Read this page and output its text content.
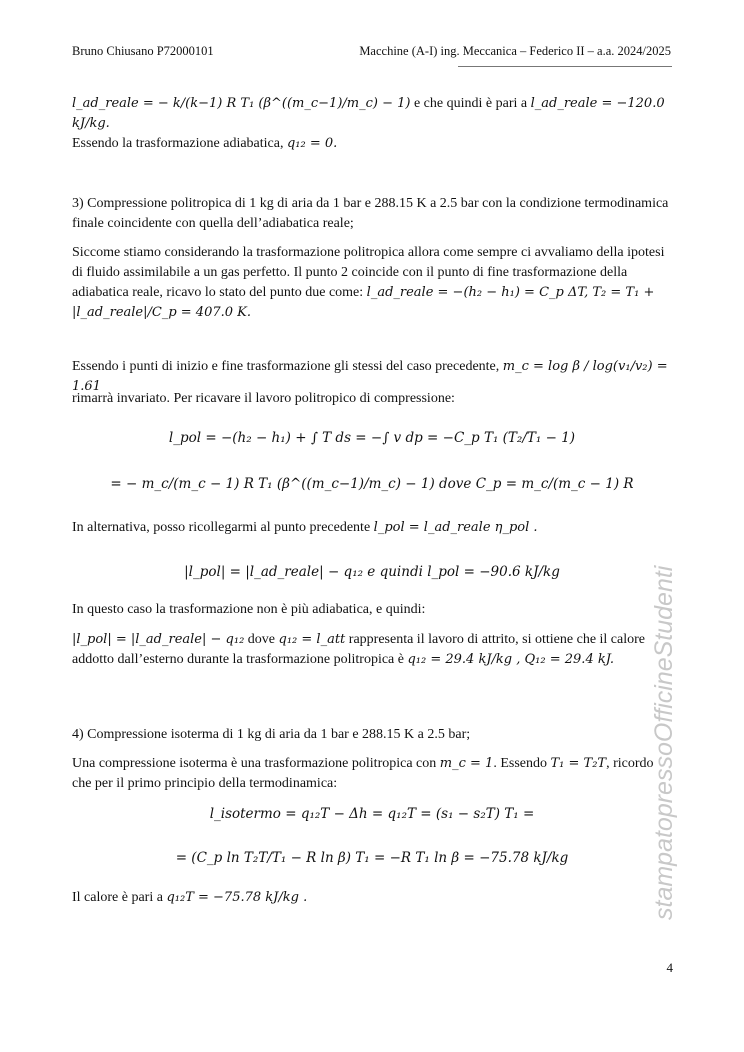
Bruno Chiusano P72000101	Macchine (A-I) ing. Meccanica – Federico II – a.a. 2024/2025
l_ad_reale = − k/(k−1) R T₁ (β^((m_c−1)/m_c) − 1) e che quindi è pari a l_ad_reale = −120.0 kJ/kg.
Essendo la trasformazione adiabatica, q₁₂ = 0.
3) Compressione politropica di 1 kg di aria da 1 bar e 288.15 K a 2.5 bar con la condizione termodinamica finale coincidente con quella dell’adiabatica reale;
Siccome stiamo considerando la trasformazione politropica allora come sempre ci avvaliamo della ipotesi di fluido assimilabile a un gas perfetto. Il punto 2 coincide con il punto di fine trasformazione della adiabatica reale, ricavo lo stato del punto due come: l_ad_reale = −(h₂ − h₁) = C_p ΔT, T₂ = T₁ + |l_ad_reale|/C_p = 407.0 K.
Essendo i punti di inizio e fine trasformazione gli stessi del caso precedente, m_c = log β / log(v₁/v₂) = 1.61
rimarrà invariato. Per ricavare il lavoro politropico di compressione:
l_pol = −(h₂ − h₁) + ∫ T ds = −∫ v dp = −C_p T₁ (T₂/T₁ − 1)
= − m_c/(m_c − 1) R T₁ (β^((m_c−1)/m_c) − 1) dove C_p = m_c/(m_c − 1) R
In alternativa, posso ricollegarmi al punto precedente l_pol = l_ad_reale η_pol .
|l_pol| = |l_ad_reale| − q₁₂ e quindi l_pol = −90.6 kJ/kg
In questo caso la trasformazione non è più adiabatica, e quindi:
|l_pol| = |l_ad_reale| − q₁₂ dove q₁₂ = l_att rappresenta il lavoro di attrito, si ottiene che il calore addotto dall’esterno durante la trasformazione politropica è q₁₂ = 29.4 kJ/kg , Q₁₂ = 29.4 kJ.
4) Compressione isoterma di 1 kg di aria da 1 bar e 288.15 K a 2.5 bar;
Una compressione isoterma è una trasformazione politropica con m_c = 1. Essendo T₁ = T₂T, ricordo che per il primo principio della termodinamica:
l_isotermo = q₁₂T − Δh = q₁₂T = (s₁ − s₂T) T₁ =
= (C_p ln T₂T/T₁ − R ln β) T₁ = −R T₁ ln β = −75.78 kJ/kg
Il calore è pari a q₁₂T = −75.78 kJ/kg .
4
stampatopressoOfficineStudenti
